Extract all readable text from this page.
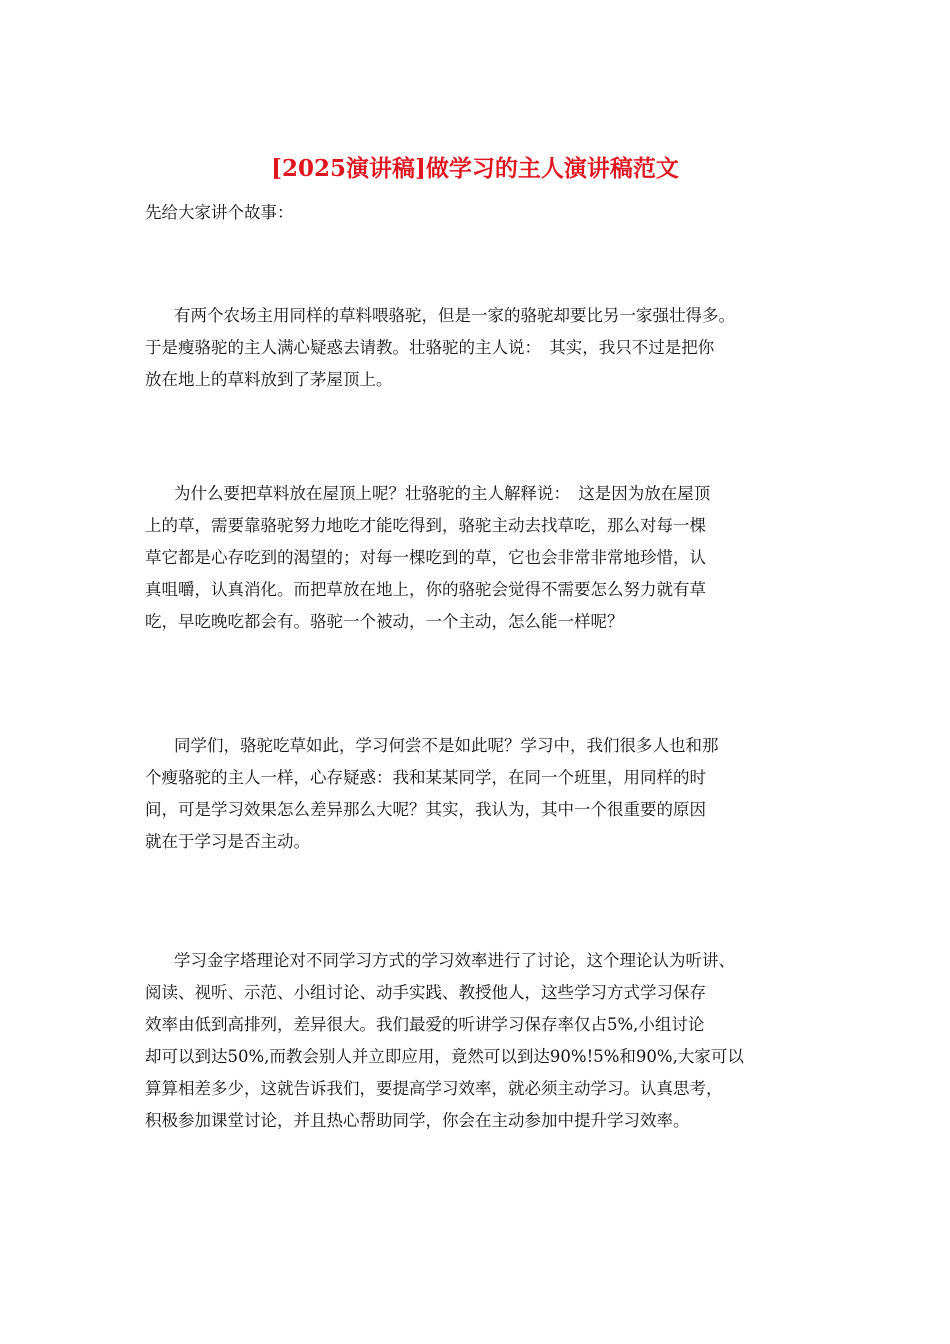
[2025演讲稿]做学习的主人演讲稿范文
先给大家讲个故事：
有两个农场主用同样的草料喂骆驼，但是一家的骆驼却要比另一家强壮得多。
于是瘦骆驼的主人满心疑惑去请教。壮骆驼的主人说：　其实，我只不过是把你
放在地上的草料放到了茅屋顶上。
为什么要把草料放在屋顶上呢？壮骆驼的主人解释说：　这是因为放在屋顶
上的草，需要靠骆驼努力地吃才能吃得到，骆驼主动去找草吃，那么对每一棵
草它都是心存吃到的渴望的；对每一棵吃到的草，它也会非常非常地珍惜，认
真咀嚼，认真消化。而把草放在地上，你的骆驼会觉得不需要怎么努力就有草
吃，早吃晚吃都会有。骆驼一个被动，一个主动，怎么能一样呢？
同学们，骆驼吃草如此，学习何尝不是如此呢？学习中，我们很多人也和那
个瘦骆驼的主人一样，心存疑惑：我和某某同学，在同一个班里，用同样的时
间，可是学习效果怎么差异那么大呢？其实，我认为，其中一个很重要的原因
就在于学习是否主动。
学习金字塔理论对不同学习方式的学习效率进行了讨论，这个理论认为听讲、
阅读、视听、示范、小组讨论、动手实践、教授他人，这些学习方式学习保存
效率由低到高排列，差异很大。我们最爱的听讲学习保存率仅占5%,小组讨论
却可以到达50%,而教会别人并立即应用，竟然可以到达90%!5%和90%,大家可以
算算相差多少，这就告诉我们，要提高学习效率，就必须主动学习。认真思考，
积极参加课堂讨论，并且热心帮助同学，你会在主动参加中提升学习效率。
